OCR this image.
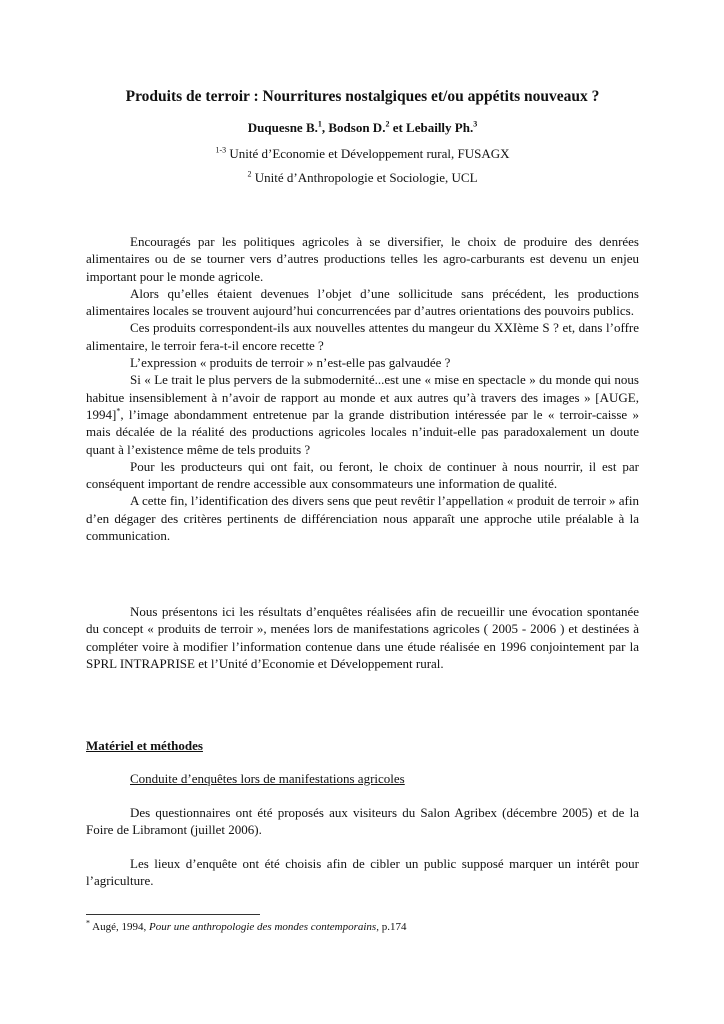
Produits de terroir : Nourritures nostalgiques et/ou appétits nouveaux ?
Duquesne B.$^1$, Bodson D.$^2$ et Lebailly Ph.$^3$
$^{1-3}$ Unité d’Economie et Développement rural, FUSAGX
$^2$ Unité d’Anthropologie et Sociologie, UCL

Encouragés par les politiques agricoles à se diversifier, le choix de produire des denrées alimentaires ou de se tourner vers d’autres productions telles les agro-carburants est devenu un enjeu important pour le monde agricole.

Alors qu’elles étaient devenues l’objet d’une sollicitude sans précédent, les productions alimentaires locales se trouvent aujourd’hui concurrencées par d’autres orientations des pouvoirs publics.

Ces produits correspondent-ils aux nouvelles attentes du mangeur du XXIème S ? et, dans l’offre alimentaire, le terroir fera-t-il encore recette ?

L’expression « produits de terroir » n’est-elle pas galvaudée ?

Si « Le trait le plus pervers de la submodernité...est une « mise en spectacle » du monde qui nous habitue insensiblement à n’avoir de rapport au monde et aux autres qu’à travers des images » [AUGE, 1994]*, l’image abondamment entretenue par la grande distribution intéressée par le « terroir-caisse » mais décalée de la réalité des productions agricoles locales n’induit-elle pas paradoxalement un doute quant à l’existence même de tels produits ?

Pour les producteurs qui ont fait, ou feront, le choix de continuer à nous nourrir, il est par conséquent important de rendre accessible aux consommateurs une information de qualité.

A cette fin, l’identification des divers sens que peut revêtir l’appellation « produit de terroir » afin d’en dégager des critères pertinents de différenciation nous apparaît une approche utile préalable à la communication.

Nous présentons ici les résultats d’enquêtes réalisées afin de recueillir une évocation spontanée du concept « produits de terroir », menées lors de manifestations agricoles ( 2005 - 2006 ) et destinées à compléter voire à modifier l’information contenue dans une étude réalisée en 1996 conjointement par la SPRL INTRAPRISE et l’Unité d’Economie et Développement rural.

Matériel et méthodes
Conduite d’enquêtes lors de manifestations agricoles

Des questionnaires ont été proposés aux visiteurs du Salon Agribex (décembre 2005) et de la Foire de Libramont (juillet 2006).

Les lieux d’enquête ont été choisis afin de cibler un public supposé marquer un intérêt pour l’agriculture.

* Augé, 1994, Pour une anthropologie des mondes contemporains, p.174
